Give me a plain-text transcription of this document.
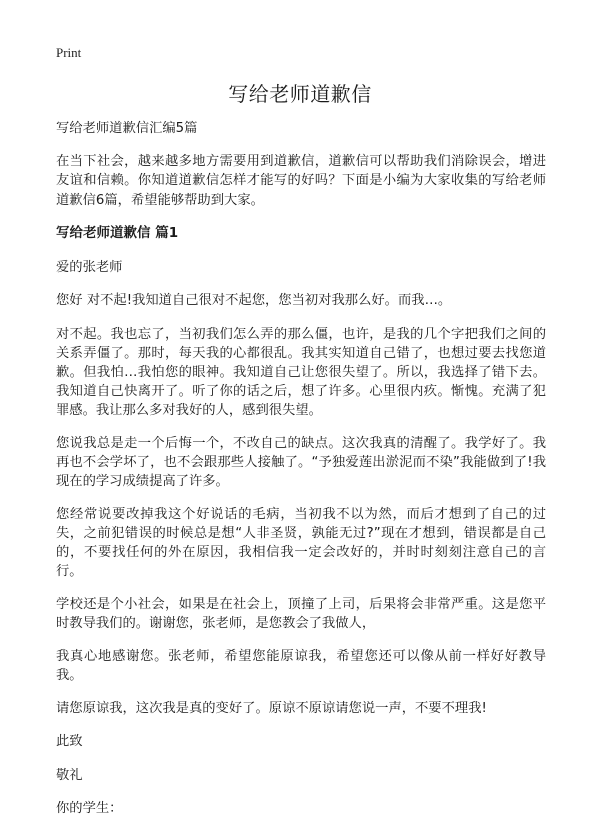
Print
写给老师道歉信

写给老师道歉信汇编5篇

在当下社会，越来越多地方需要用到道歉信，道歉信可以帮助我们消除误会，增进友谊和信赖。你知道道歉信怎样才能写的好吗？下面是小编为大家收集的写给老师道歉信6篇，希望能够帮助到大家。

写给老师道歉信 篇1

爱的张老师

您好 对不起!我知道自己很对不起您，您当初对我那么好。而我…。

对不起。我也忘了，当初我们怎么弄的那么僵，也许，是我的几个字把我们之间的关系弄僵了。那时，每天我的心都很乱。我其实知道自己错了，也想过要去找您道歉。但我怕…我怕您的眼神。我知道自己让您很失望了。所以，我选择了错下去。我知道自己快离开了。听了你的话之后，想了许多。心里很内疚。惭愧。充满了犯罪感。我让那么多对我好的人，感到很失望。

您说我总是走一个后悔一个，不改自己的缺点。这次我真的清醒了。我学好了。我再也不会学坏了，也不会跟那些人接触了。“予独爱莲出淤泥而不染”我能做到了!我现在的学习成绩提高了许多。

您经常说要改掉我这个好说话的毛病，当初我不以为然，而后才想到了自己的过失，之前犯错误的时候总是想“人非圣贤，孰能无过?”现在才想到，错误都是自己的，不要找任何的外在原因，我相信我一定会改好的，并时时刻刻注意自己的言行。

学校还是个小社会，如果是在社会上，顶撞了上司，后果将会非常严重。这是您平时教导我们的。谢谢您，张老师，是您教会了我做人，

我真心地感谢您。张老师，希望您能原谅我，希望您还可以像从前一样好好教导我。

请您原谅我，这次我是真的变好了。原谅不原谅请您说一声，不要不理我!

此致

敬礼

你的学生：
